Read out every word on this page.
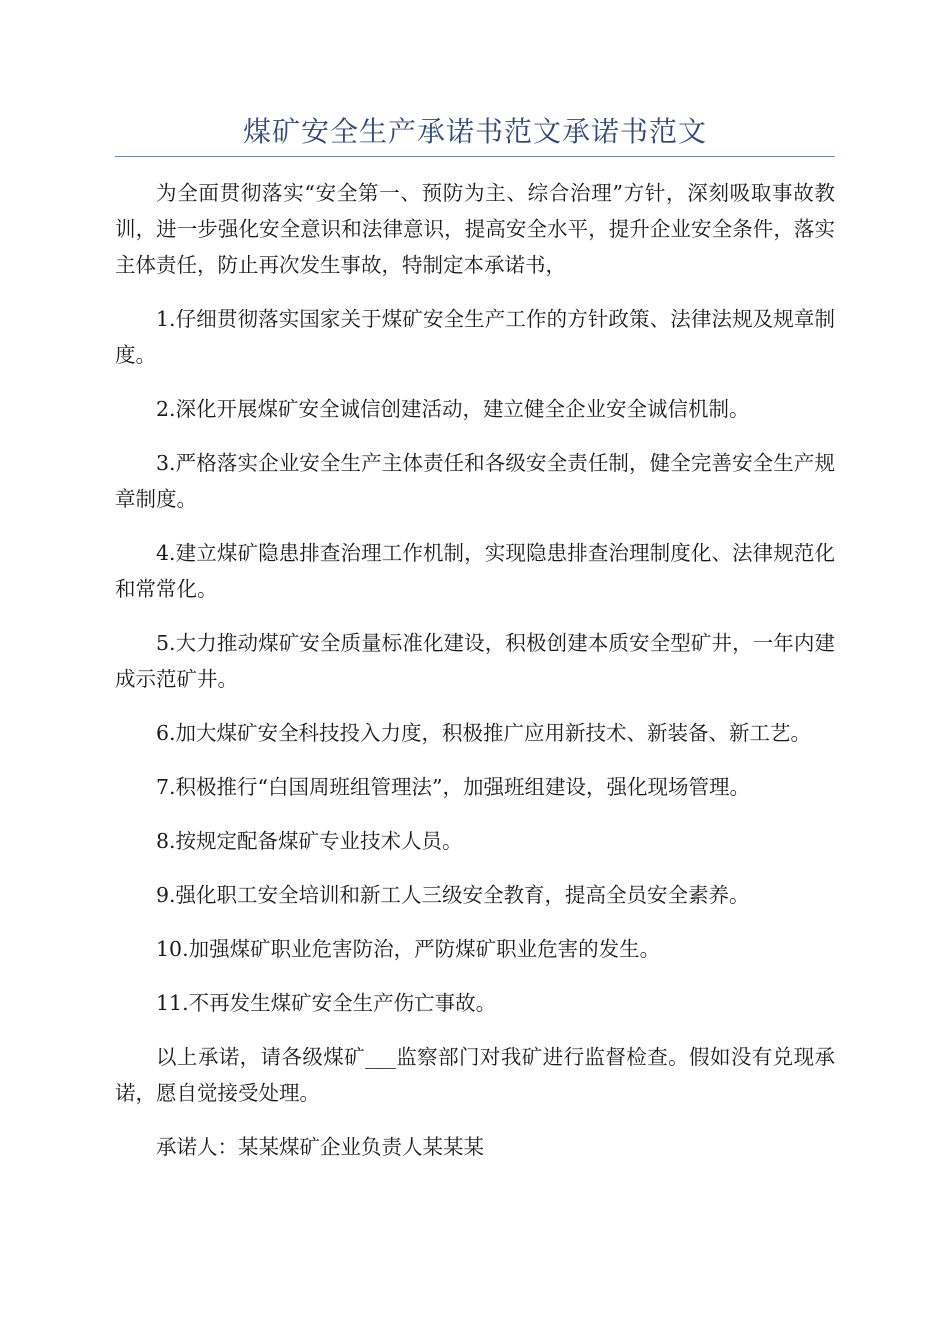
煤矿安全生产承诺书范文承诺书范文

为全面贯彻落实“安全第一、预防为主、综合治理”方针，深刻吸取事故教训，进一步强化安全意识和法律意识，提高安全水平，提升企业安全条件，落实主体责任，防止再次发生事故，特制定本承诺书，

1.仔细贯彻落实国家关于煤矿安全生产工作的方针政策、法律法规及规章制度。

2.深化开展煤矿安全诚信创建活动，建立健全企业安全诚信机制。

3.严格落实企业安全生产主体责任和各级安全责任制，健全完善安全生产规章制度。

4.建立煤矿隐患排查治理工作机制，实现隐患排查治理制度化、法律规范化和常常化。

5.大力推动煤矿安全质量标准化建设，积极创建本质安全型矿井，一年内建成示范矿井。

6.加大煤矿安全科技投入力度，积极推广应用新技术、新装备、新工艺。

7.积极推行“白国周班组管理法”，加强班组建设，强化现场管理。

8.按规定配备煤矿专业技术人员。

9.强化职工安全培训和新工人三级安全教育，提高全员安全素养。

10.加强煤矿职业危害防治，严防煤矿职业危害的发生。

11.不再发生煤矿安全生产伤亡事故。

以上承诺，请各级煤矿___监察部门对我矿进行监督检查。假如没有兑现承诺，愿自觉接受处理。

承诺人：某某煤矿企业负责人某某某
